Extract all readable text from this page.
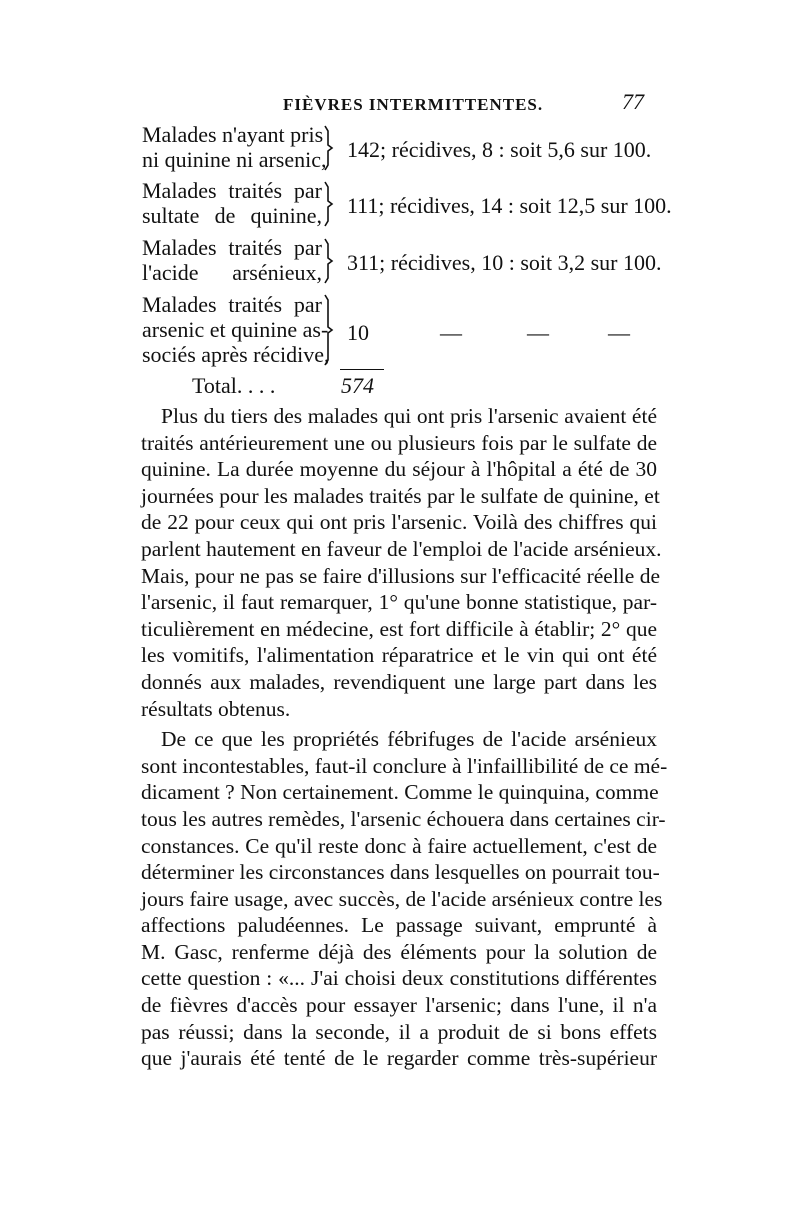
FIÈVRES INTERMITTENTES.	77
Malades n'ayant pris
ni quinine ni arsenic, 142; récidives, 8 : soit 5,6 sur 100.
Malades traités par
sultate de quinine, 111; récidives, 14 : soit 12,5 sur 100.
Malades traités par
l'acide arsénieux, 311; récidives, 10 : soit 3,2 sur 100.
Malades traités par
arsenic et quinine as-
sociés après récidive,
10	—	—	—
Total. . . .	574
Plus du tiers des malades qui ont pris l'arsenic avaient été
traités antérieurement une ou plusieurs fois par le sulfate de
quinine. La durée moyenne du séjour à l'hôpital a été de 30
journées pour les malades traités par le sulfate de quinine, et
de 22 pour ceux qui ont pris l'arsenic. Voilà des chiffres qui
parlent hautement en faveur de l'emploi de l'acide arsénieux.
Mais, pour ne pas se faire d'illusions sur l'efficacité réelle de
l'arsenic, il faut remarquer, 1° qu'une bonne statistique, par-
ticulièrement en médecine, est fort difficile à établir; 2° que
les vomitifs, l'alimentation réparatrice et le vin qui ont été
donnés aux malades, revendiquent une large part dans les
résultats obtenus.
De ce que les propriétés fébrifuges de l'acide arsénieux
sont incontestables, faut-il conclure à l'infaillibilité de ce mé-
dicament ? Non certainement. Comme le quinquina, comme
tous les autres remèdes, l'arsenic échouera dans certaines cir-
constances. Ce qu'il reste donc à faire actuellement, c'est de
déterminer les circonstances dans lesquelles on pourrait tou-
jours faire usage, avec succès, de l'acide arsénieux contre les
affections paludéennes. Le passage suivant, emprunté à
M. Gasc, renferme déjà des éléments pour la solution de
cette question : «... J'ai choisi deux constitutions différentes
de fièvres d'accès pour essayer l'arsenic; dans l'une, il n'a
pas réussi; dans la seconde, il a produit de si bons effets
que j'aurais été tenté de le regarder comme très-supérieur
